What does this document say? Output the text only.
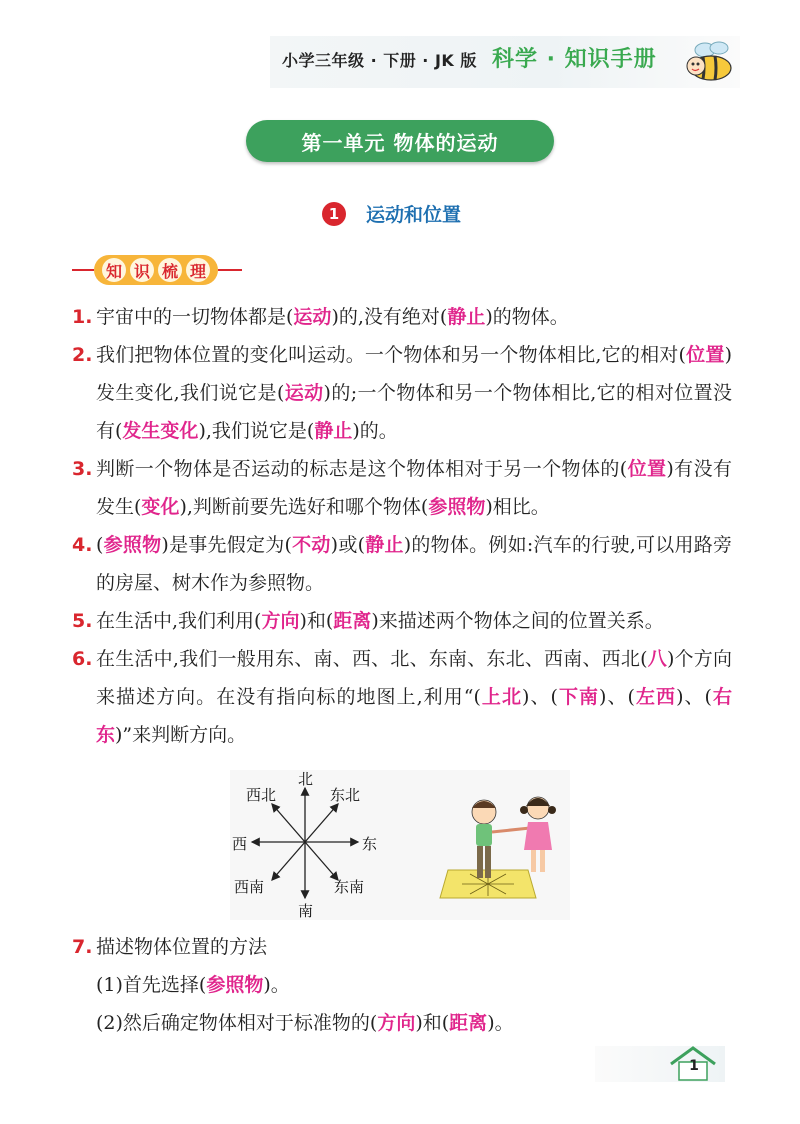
小学三年级 · 下册 · JK 版 科学 · 知识手册
第一单元 物体的运动
1	运动和位置
知 识 梳 理
1. 宇宙中的一切物体都是(运动)的,没有绝对(静止)的物体。
2. 我们把物体位置的变化叫运动。一个物体和另一个物体相比,它的相对(位置)发生变化,我们说它是(运动)的;一个物体和另一个物体相比,它的相对位置没有(发生变化),我们说它是(静止)的。
3. 判断一个物体是否运动的标志是这个物体相对于另一个物体的(位置)有没有发生(变化),判断前要先选好和哪个物体(参照物)相比。
4. (参照物)是事先假定为(不动)或(静止)的物体。例如:汽车的行驶,可以用路旁的房屋、树木作为参照物。
5. 在生活中,我们利用(方向)和(距离)来描述两个物体之间的位置关系。
6. 在生活中,我们一般用东、南、西、北、东南、东北、西南、西北(八)个方向来描述方向。在没有指向标的地图上,利用“(上北)、(下南)、(左西)、(右东)”来判断方向。
7. 描述物体位置的方法
(1)首先选择(参照物)。
(2)然后确定物体相对于标准物的(方向)和(距离)。
北
南
东
西
东北
西北
东南
西南
1
